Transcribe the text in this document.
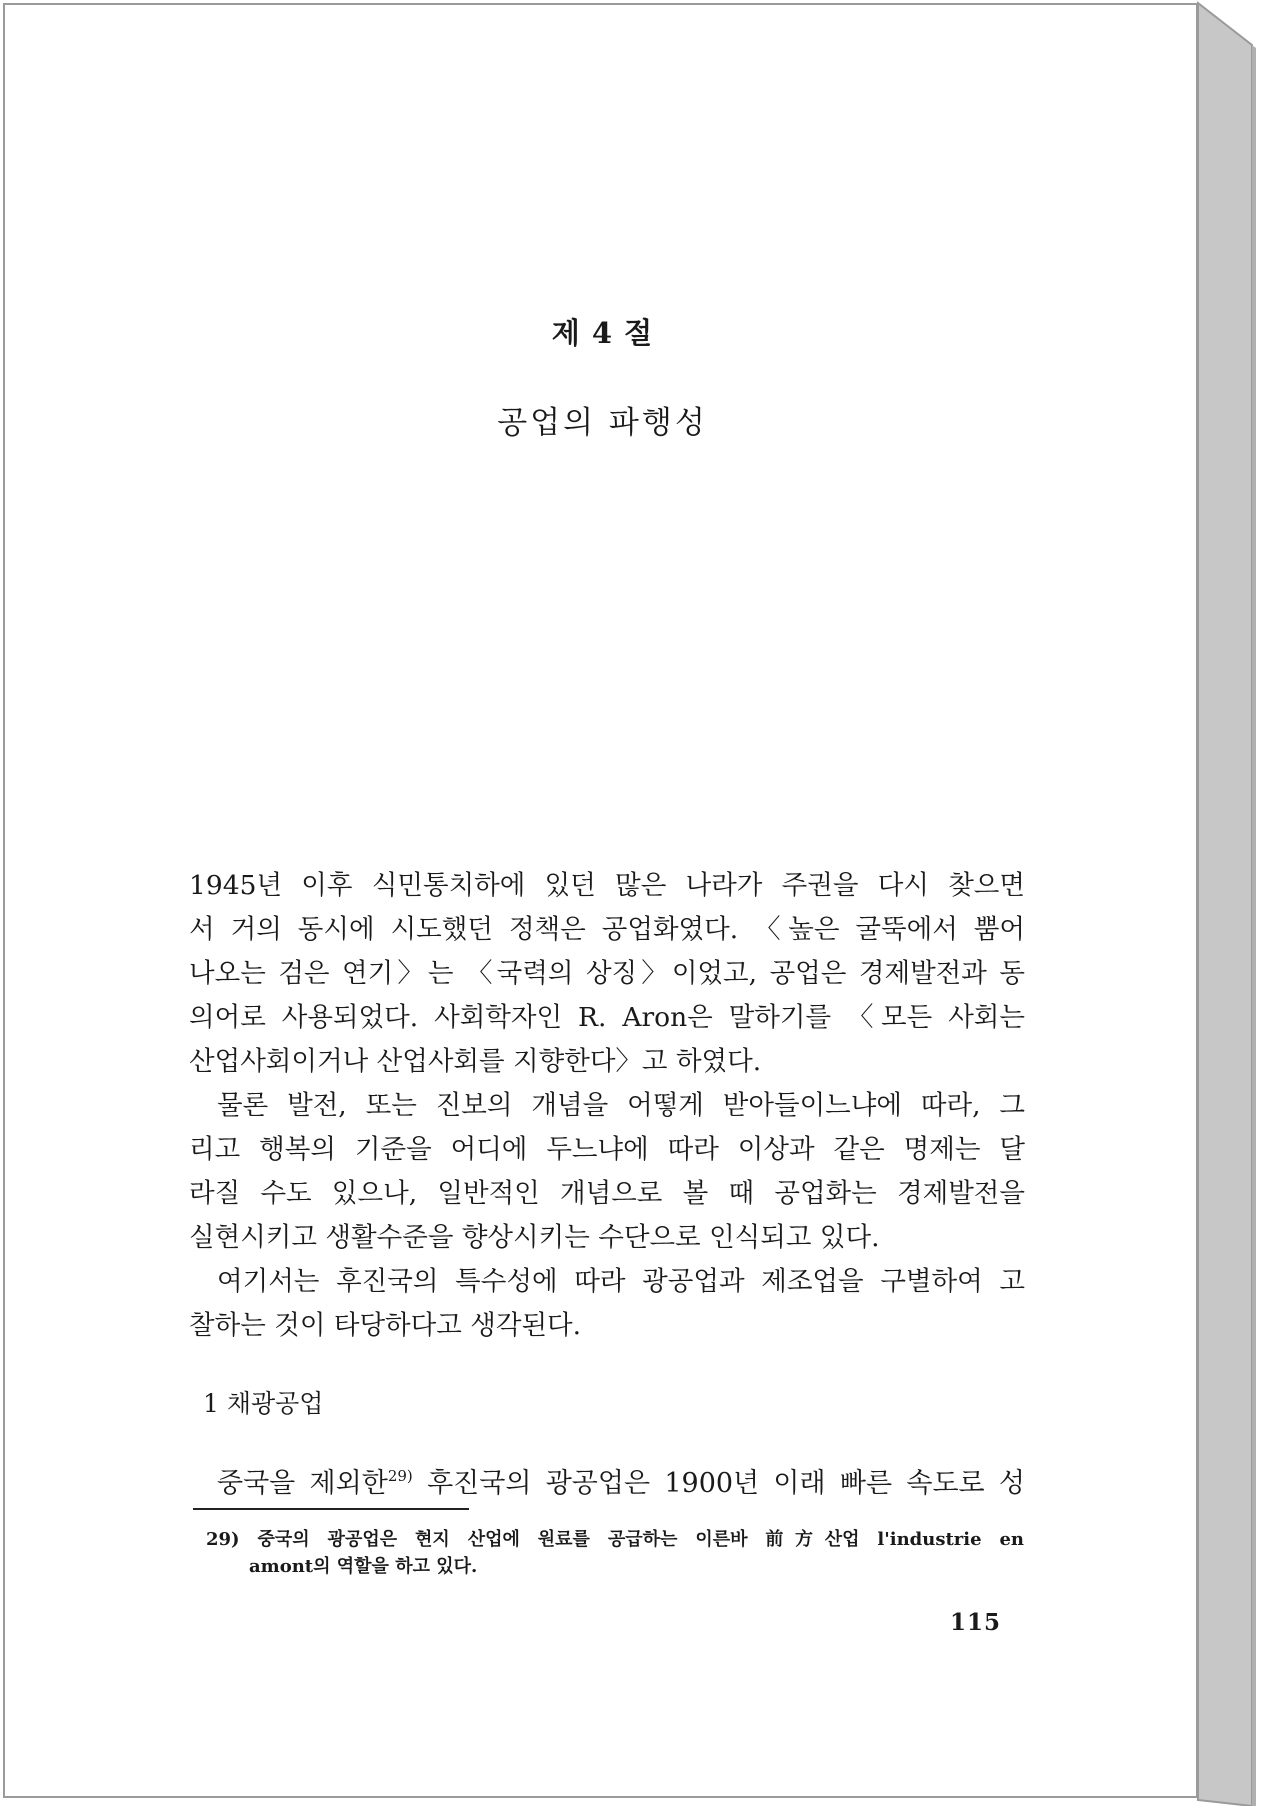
제 4 절
공업의 파행성
1945년 이후 식민통치하에 있던 많은 나라가 주권을 다시 찾으면
서 거의 동시에 시도했던 정책은 공업화였다. 〈높은 굴뚝에서 뿜어
나오는 검은 연기〉는 〈국력의 상징〉이었고, 공업은 경제발전과 동
의어로 사용되었다. 사회학자인 R. Aron은 말하기를 〈모든 사회는
산업사회이거나 산업사회를 지향한다〉고 하였다.
물론 발전, 또는 진보의 개념을 어떻게 받아들이느냐에 따라, 그
리고 행복의 기준을 어디에 두느냐에 따라 이상과 같은 명제는 달
라질 수도 있으나, 일반적인 개념으로 볼 때 공업화는 경제발전을
실현시키고 생활수준을 향상시키는 수단으로 인식되고 있다.
여기서는 후진국의 특수성에 따라 광공업과 제조업을 구별하여 고
찰하는 것이 타당하다고 생각된다.
1 채광공업
중국을 제외한$^{29)}$ 후진국의 광공업은 1900년 이래 빠른 속도로 성
29) 중국의 광공업은 현지 산업에 원료를 공급하는 이른바 前方산업 l'industrie en
amont의 역할을 하고 있다.
115
